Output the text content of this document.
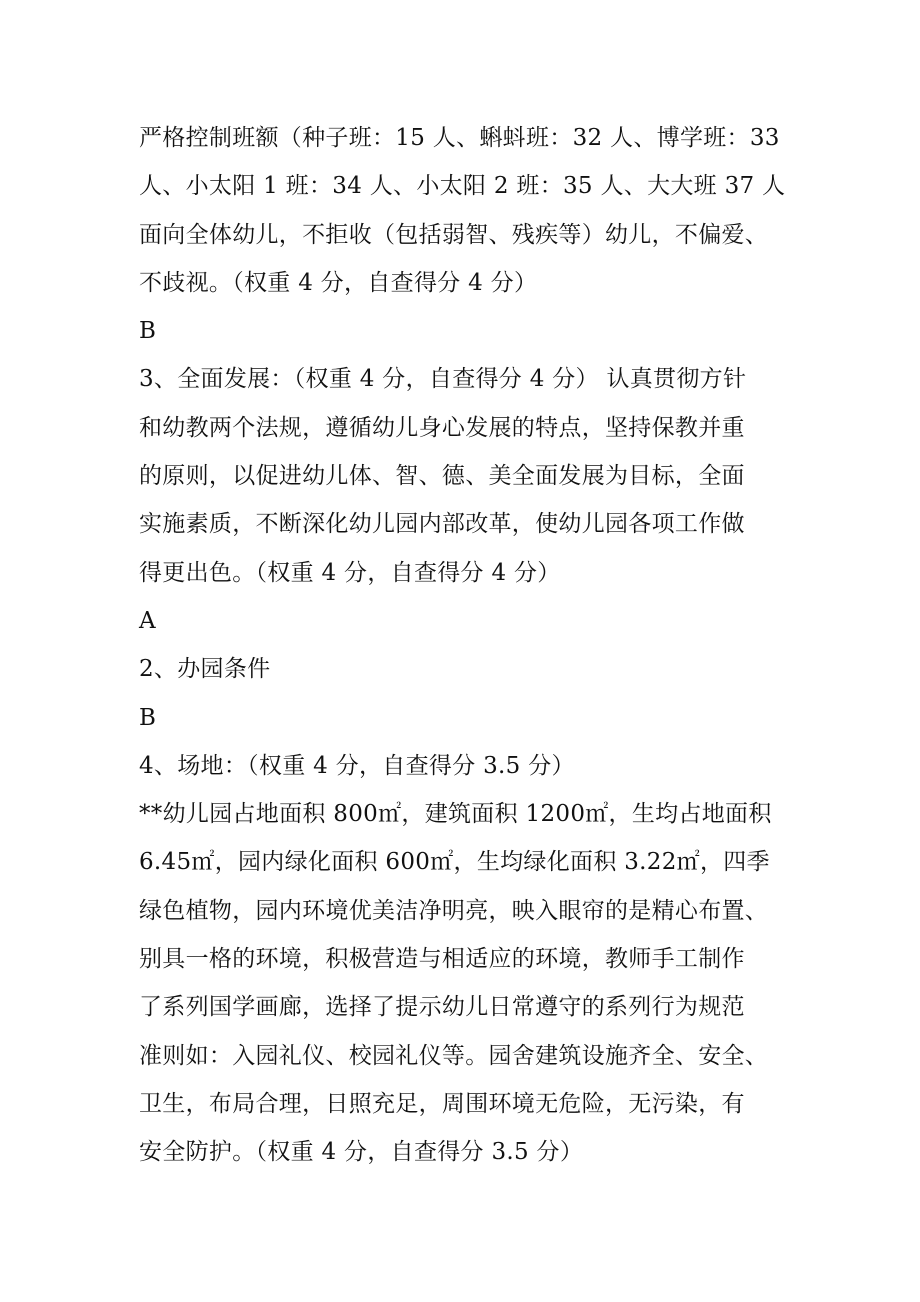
严格控制班额（种子班：15 人、蝌蚪班：32 人、博学班：33
人、小太阳 1 班：34 人、小太阳 2 班：35 人、大大班 37 人
面向全体幼儿，不拒收（包括弱智、残疾等）幼儿，不偏爱、
不歧视。（权重 4 分，自查得分 4 分）
B
3、全面发展：（权重 4 分，自查得分 4 分） 认真贯彻方针
和幼教两个法规，遵循幼儿身心发展的特点，坚持保教并重
的原则，以促进幼儿体、智、德、美全面发展为目标，全面
实施素质，不断深化幼儿园内部改革，使幼儿园各项工作做
得更出色。（权重 4 分，自查得分 4 分）
A
2、办园条件
B
4、场地：（权重 4 分，自查得分 3.5 分）
**幼儿园占地面积 800㎡，建筑面积 1200㎡，生均占地面积
6.45㎡，园内绿化面积 600㎡，生均绿化面积 3.22㎡，四季
绿色植物，园内环境优美洁净明亮，映入眼帘的是精心布置、
别具一格的环境，积极营造与相适应的环境，教师手工制作
了系列国学画廊，选择了提示幼儿日常遵守的系列行为规范
准则如：入园礼仪、校园礼仪等。园舍建筑设施齐全、安全、
卫生，布局合理，日照充足，周围环境无危险，无污染，有
安全防护。（权重 4 分，自查得分 3.5 分）
